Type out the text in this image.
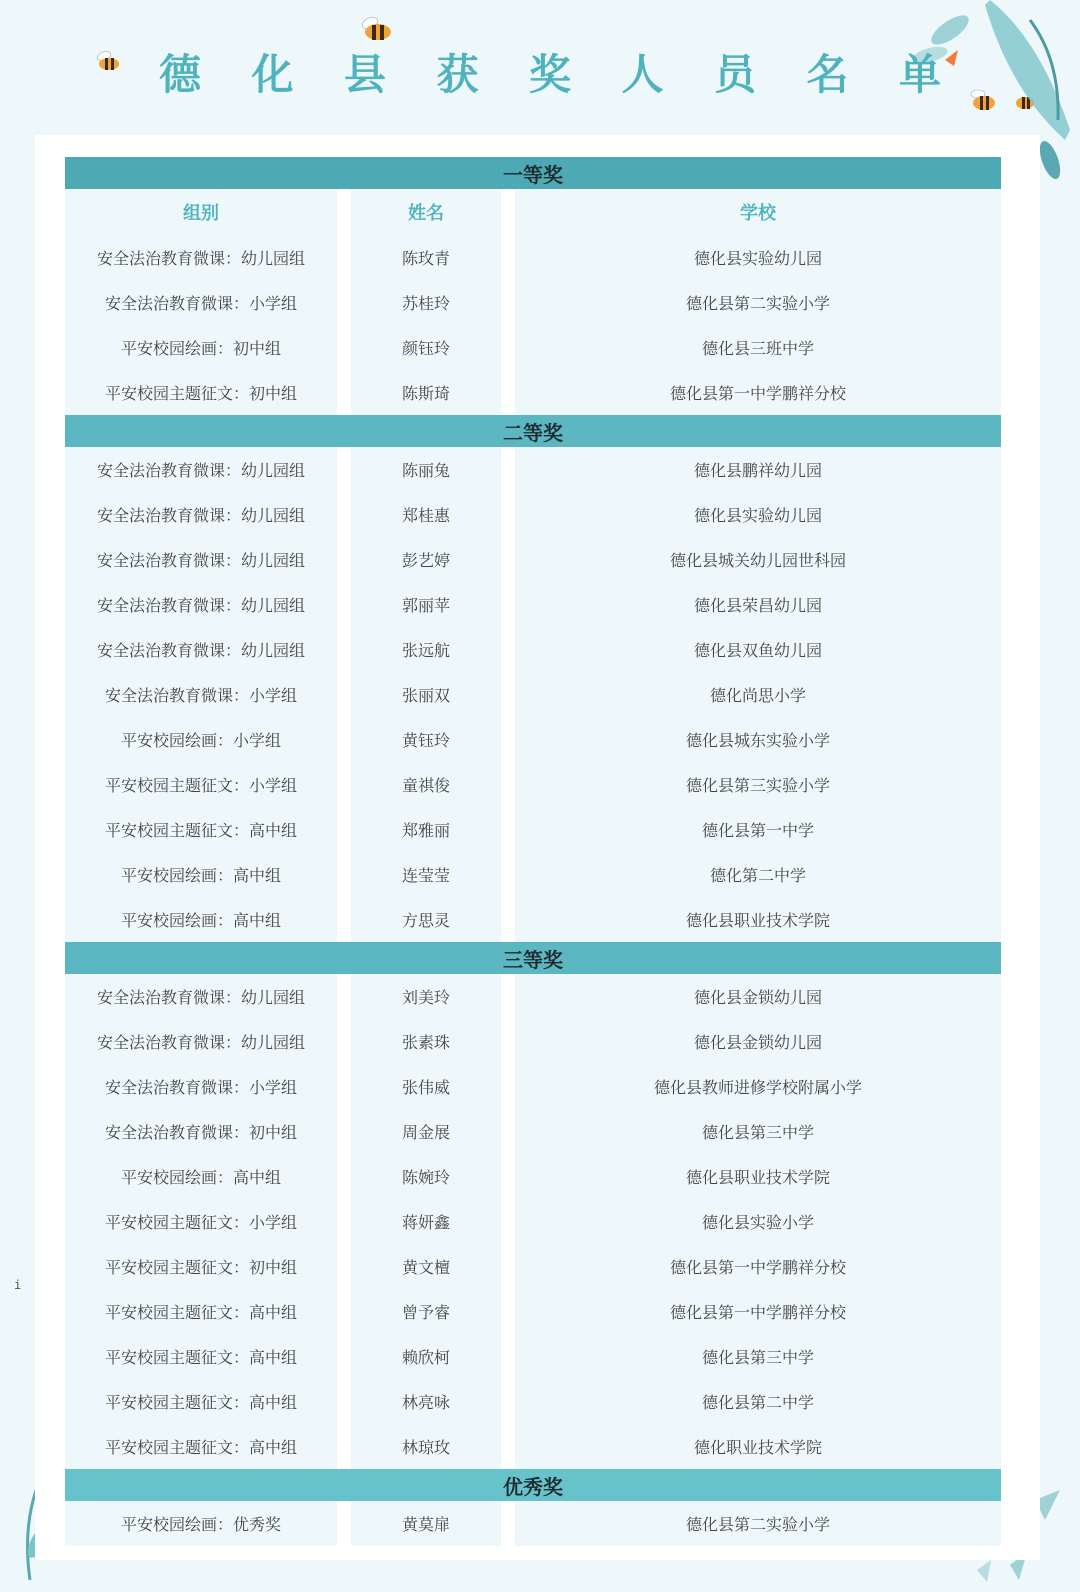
德 化 县 获 奖 人 员 名 单
一等奖				
组别		姓名		学校
安全法治教育微课：幼儿园组		陈玫青		德化县实验幼儿园
安全法治教育微课：小学组		苏桂玲		德化县第二实验小学
平安校园绘画：初中组		颜钰玲		德化县三班中学
平安校园主题征文：初中组		陈斯琦		德化县第一中学鹏祥分校
二等奖				
安全法治教育微课：幼儿园组		陈丽兔		德化县鹏祥幼儿园
安全法治教育微课：幼儿园组		郑桂惠		德化县实验幼儿园
安全法治教育微课：幼儿园组		彭艺婷		德化县城关幼儿园世科园
安全法治教育微课：幼儿园组		郭丽苹		德化县荣昌幼儿园
安全法治教育微课：幼儿园组		张远航		德化县双鱼幼儿园
安全法治教育微课：小学组		张丽双		德化尚思小学
平安校园绘画：小学组		黄钰玲		德化县城东实验小学
平安校园主题征文：小学组		童祺俊		德化县第三实验小学
平安校园主题征文：高中组		郑雅丽		德化县第一中学
平安校园绘画：高中组		连莹莹		德化第二中学
平安校园绘画：高中组		方思灵		德化县职业技术学院
三等奖				
安全法治教育微课：幼儿园组		刘美玲		德化县金锁幼儿园
安全法治教育微课：幼儿园组		张素珠		德化县金锁幼儿园
安全法治教育微课：小学组		张伟威		德化县教师进修学校附属小学
安全法治教育微课：初中组		周金展		德化县第三中学
平安校园绘画：高中组		陈婉玲		德化县职业技术学院
平安校园主题征文：小学组		蒋妍鑫		德化县实验小学
平安校园主题征文：初中组		黄文檀		德化县第一中学鹏祥分校
平安校园主题征文：高中组		曾予睿		德化县第一中学鹏祥分校
平安校园主题征文：高中组		赖欣柯		德化县第三中学
平安校园主题征文：高中组		林亮咏		德化县第二中学
平安校园主题征文：高中组		林琼玫		德化职业技术学院
优秀奖				
平安校园绘画：优秀奖		黄莫扉		德化县第二实验小学
i
